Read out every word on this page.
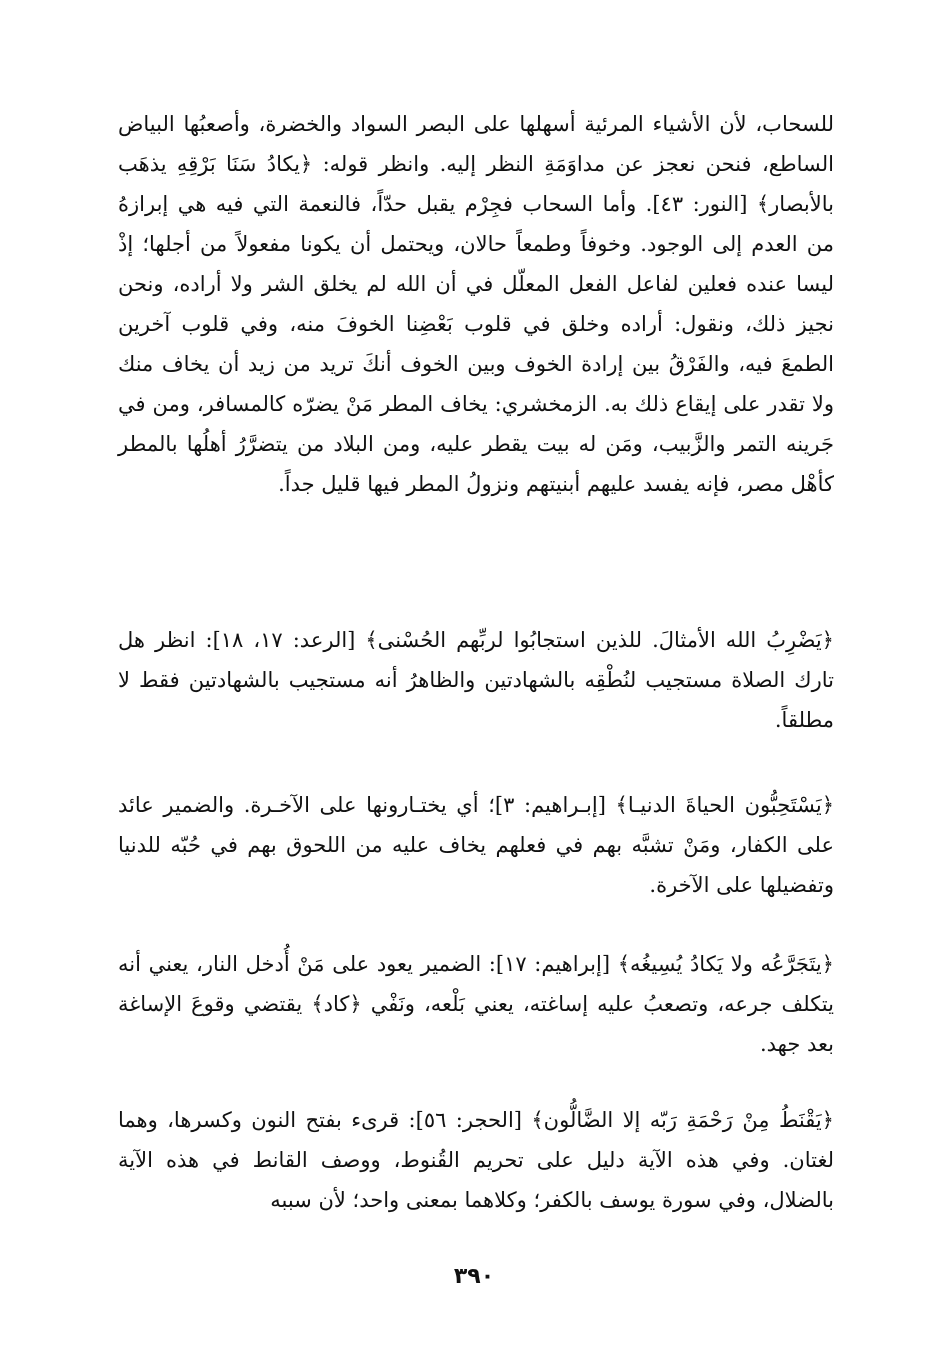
للسحاب، لأن الأشياء المرئية أسهلها على البصر السواد والخضرة، وأصعبُها البياض الساطع، فنحن نعجز عن مداوَمَةِ النظر إليه. وانظر قوله: ﴿يكادُ سَنَا بَرْقِهِ يذهَب بالأبصار﴾ [النور: ٤٣]. وأما السحاب فجِرْم يقبل حدّاً، فالنعمة التي فيه هي إبرازهُ من العدم إلى الوجود. وخوفاً وطمعاً حالان، ويحتمل أن يكونا مفعولاً من أجلها؛ إذْ ليسا عنده فعلين لفاعل الفعل المعلّل في أن الله لم يخلق الشر ولا أراده، ونحن نجيز ذلك، ونقول: أراده وخلق في قلوب بَعْضِنا الخوفَ منه، وفي قلوب آخرين الطمعَ فيه، والفَرْقُ بين إرادة الخوف وبين الخوف أنكَ تريد من زيد أن يخاف منك ولا تقدر على إيقاع ذلك به. الزمخشري: يخاف المطر مَنْ يضرّه كالمسافر، ومن في جَرينه التمر والزَّبيب، ومَن له بيت يقطر عليه، ومن البلاد من يتضرَّرُ أهلُها بالمطر كأهْل مصر، فإنه يفسد عليهم أبنيتهم ونزولُ المطر فيها قليل جداً.

﴿يَضْرِبُ الله الأمثالَ. للذين استجابُوا لربِّهم الحُسْنى﴾ [الرعد: ١٧، ١٨]: انظر هل تارك الصلاة مستجيب لنُطْقِه بالشهادتين والظاهرُ أنه مستجيب بالشهادتين فقط لا مطلقاً.

﴿يَسْتَحِبُّون الحياةَ الدنيـا﴾ [إبـراهيم: ٣]؛ أي يختـارونها على الآخـرة. والضمير عائد على الكفار، ومَنْ تشبَّه بهم في فعلهم يخاف عليه من اللحوق بهم في حُبّه للدنيا وتفضيلها على الآخرة.

﴿يتَجَرَّعُه ولا يَكادُ يُسِيغُه﴾ [إبراهيم: ١٧]: الضمير يعود على مَنْ أُدخل النار، يعني أنه يتكلف جرعه، وتصعبُ عليه إساغته، يعني بَلْعه، ونَفْي ﴿كاد﴾ يقتضي وقوعَ الإساغة بعد جهد.

﴿يَقْنَطُ مِنْ رَحْمَةِ رَبّه إلا الضَّالُّون﴾ [الحجر: ٥٦]: قرىء بفتح النون وكسرها، وهما لغتان. وفي هذه الآية دليل على تحريم القُنوط، ووصف القانط في هذه الآية بالضلال، وفي سورة يوسف بالكفر؛ وكلاهما بمعنى واحد؛ لأن سببه

٣٩٠
